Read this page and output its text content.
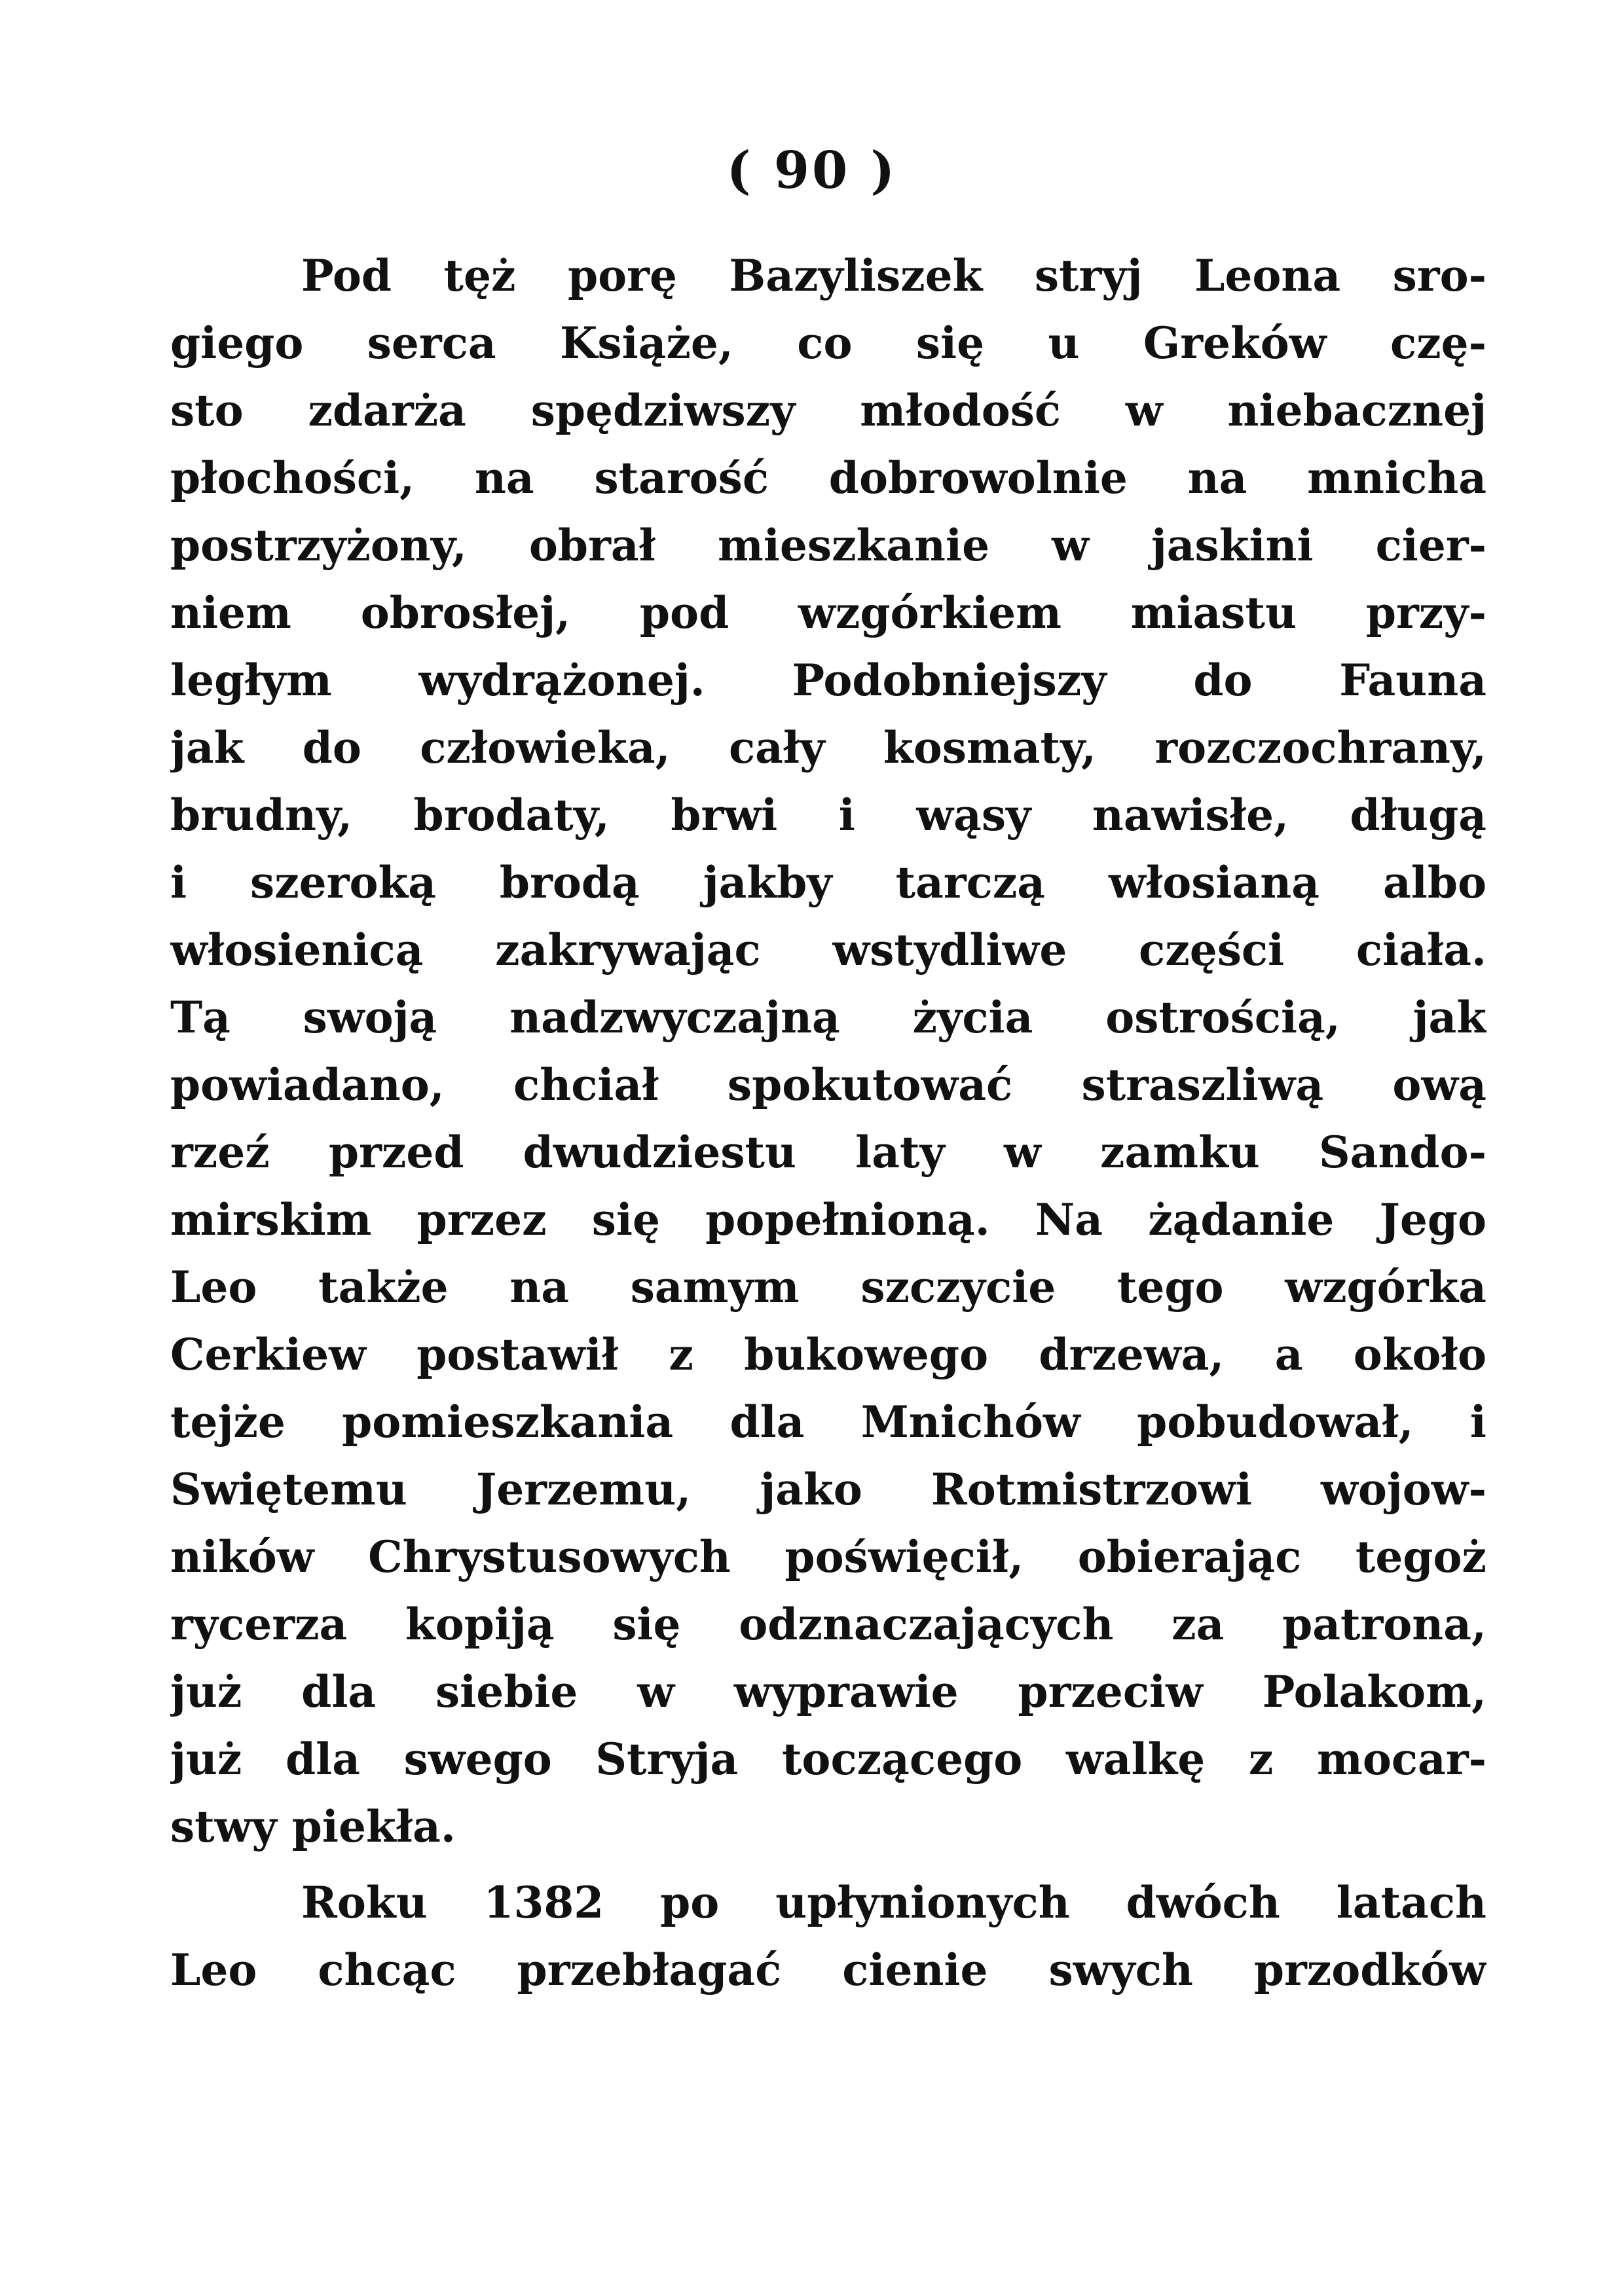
( 90 )
Pod tęż porę Bazyliszek stryj Leona sro-
giego serca Książe, co się u Greków czę-
sto zdarża spędziwszy młodość w niebacznej
płochości, na starość dobrowolnie na mnicha
postrzyżony, obrał mieszkanie w jaskini cier-
niem obrosłej, pod wzgórkiem miastu przy-
ległym wydrążonej. Podobniejszy do Fauna
jak do człowieka, cały kosmaty, rozczochrany,
brudny, brodaty, brwi i wąsy nawisłe, długą
i szeroką brodą jakby tarczą włosianą albo
włosienicą zakrywając wstydliwe części ciała.
Tą swoją nadzwyczajną życia ostrością, jak
powiadano, chciał spokutować straszliwą ową
rzeź przed dwudziestu laty w zamku Sando-
mirskim przez się popełnioną. Na żądanie Jego
Leo także na samym szczycie tego wzgórka
Cerkiew postawił z bukowego drzewa, a około
tejże pomieszkania dla Mnichów pobudował, i
Swiętemu Jerzemu, jako Rotmistrzowi wojow-
ników Chrystusowych poświęcił, obierając tegoż
rycerza kopiją się odznaczających za patrona,
już dla siebie w wyprawie przeciw Polakom,
już dla swego Stryja toczącego walkę z mocar-
stwy piekła.
Roku 1382 po upłynionych dwóch latach
Leo chcąc przebłagać cienie swych przodków
